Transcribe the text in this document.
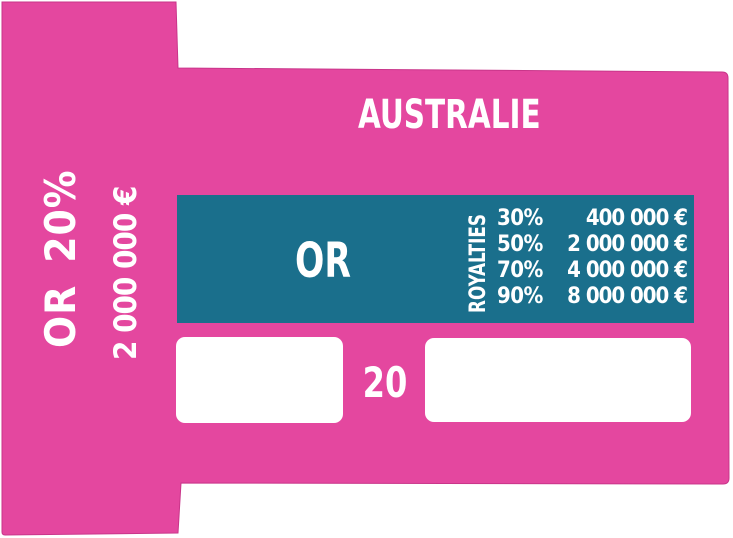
AUSTRALIE
OR20% 2 000 000 €	OR	ROYALTIES 30% 400 000 €
50% 2 000 000 €
70% 4 000 000 €
90% 8 000 000 €
20
